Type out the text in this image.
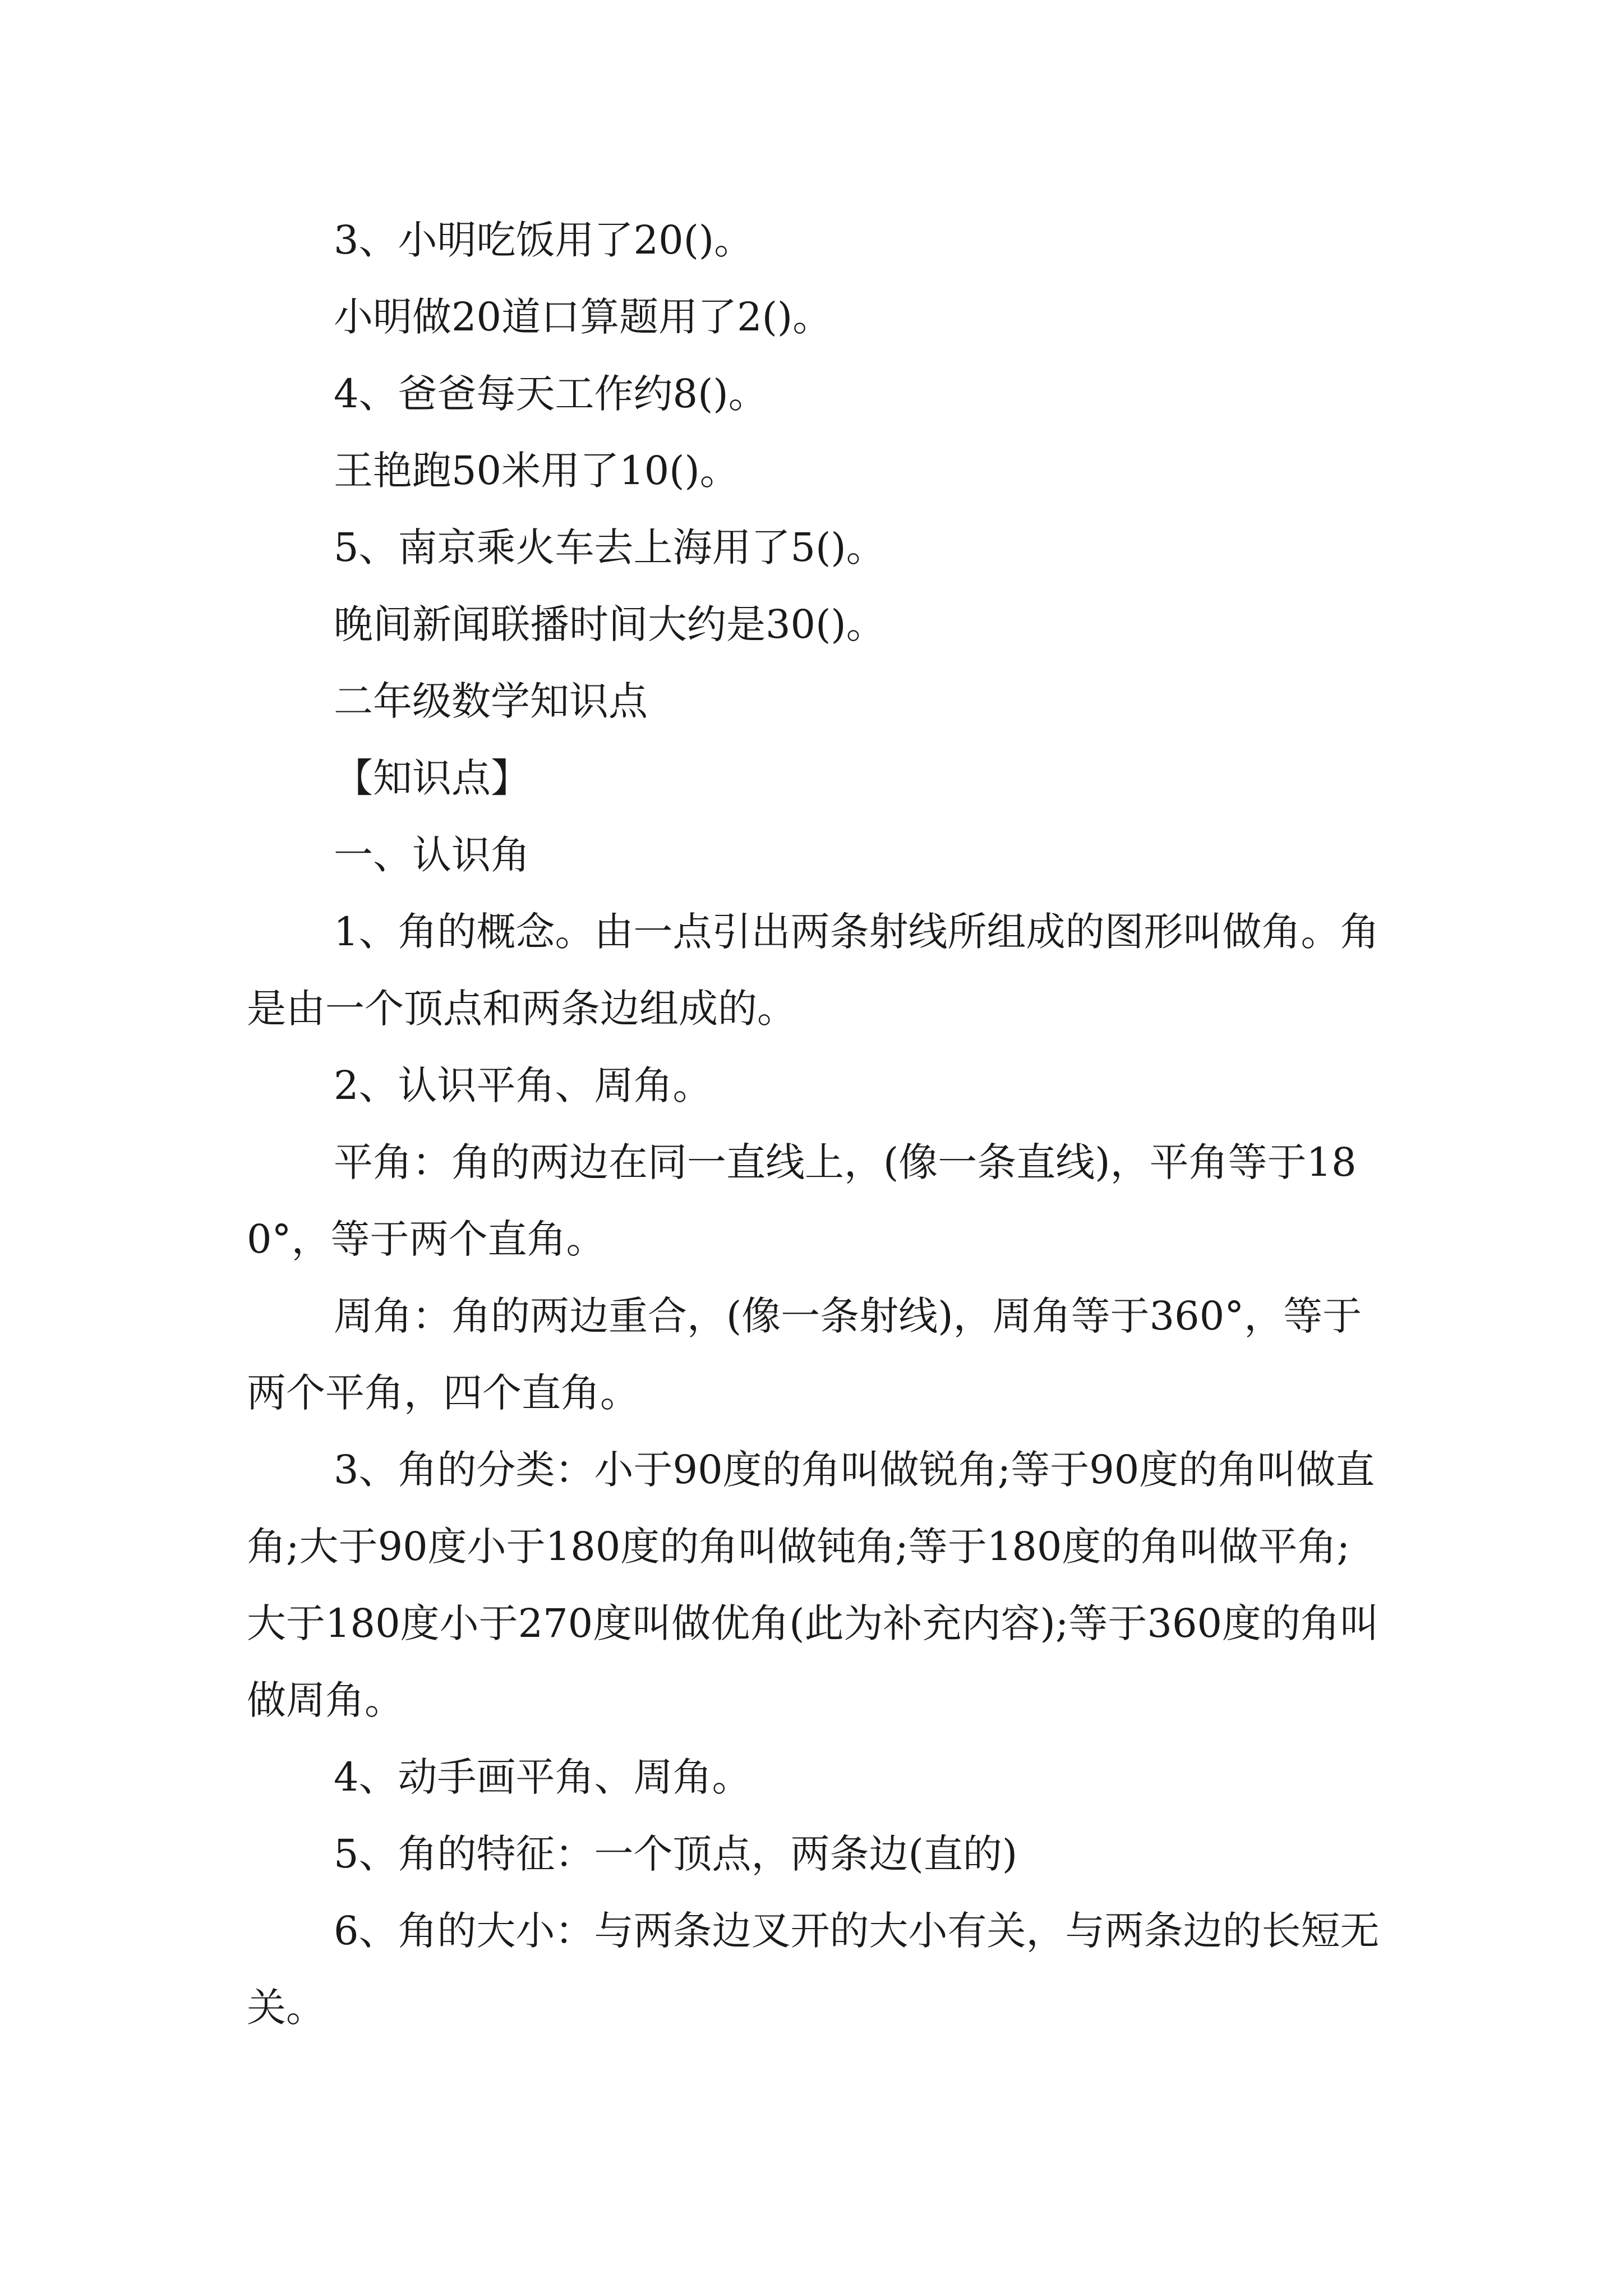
3、小明吃饭用了20()。

小明做20道口算题用了2()。

4、爸爸每天工作约8()。

王艳跑50米用了10()。

5、南京乘火车去上海用了5()。

晚间新闻联播时间大约是30()。

二年级数学知识点

【知识点】

一、认识角

1、角的概念。由一点引出两条射线所组成的图形叫做角。角是由一个顶点和两条边组成的。

2、认识平角、周角。

平角：角的两边在同一直线上，(像一条直线)，平角等于180°，等于两个直角。

周角：角的两边重合，(像一条射线)，周角等于360°，等于两个平角，四个直角。

3、角的分类：小于90度的角叫做锐角;等于90度的角叫做直角;大于90度小于180度的角叫做钝角;等于180度的角叫做平角;大于180度小于270度叫做优角(此为补充内容);等于360度的角叫做周角。

4、动手画平角、周角。

5、角的特征：一个顶点，两条边(直的)

6、角的大小：与两条边叉开的大小有关，与两条边的长短无关。
